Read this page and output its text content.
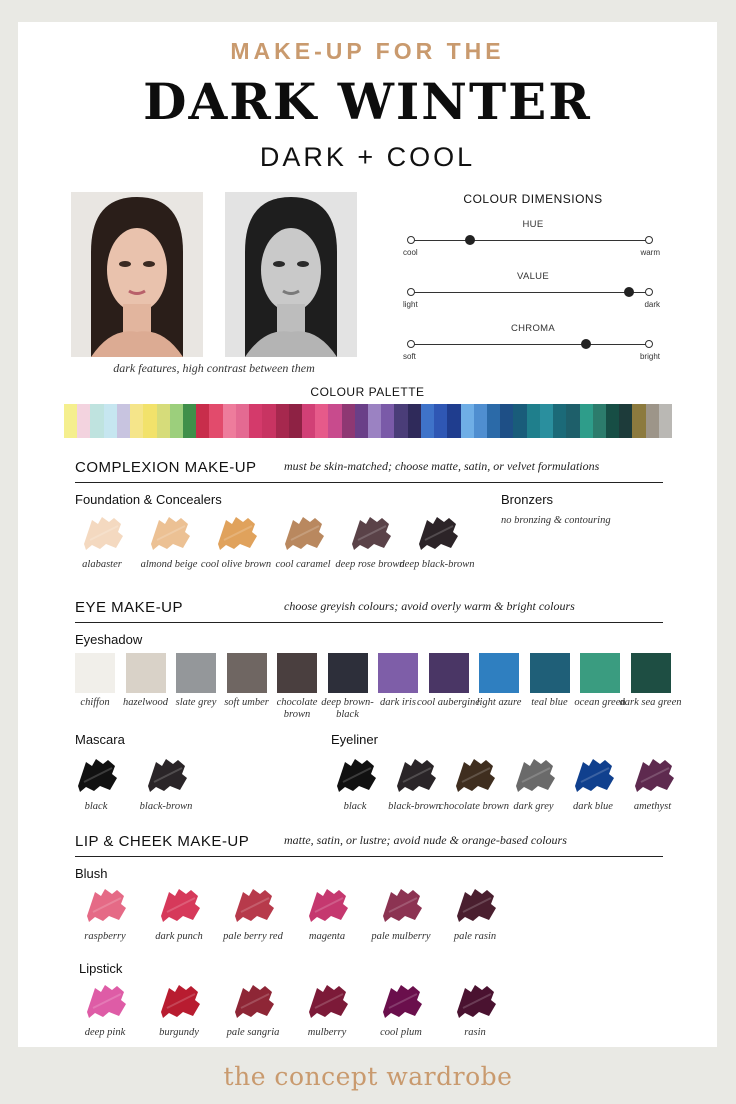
MAKE-UP FOR THE
DARK WINTER
DARK + COOL
dark features, high contrast between them
COLOUR DIMENSIONS
COLOUR PALETTE
COMPLEXION MAKE-UP must be skin-matched; choose matte, satin, or velvet formulations
Foundation & Concealers	Bronzers
no bronzing & contouring
EYE MAKE-UP	choose greyish colours; avoid overly warm & bright colours
Eyeshadow
Mascara	Eyeliner
LIP & CHEEK MAKE-UP	matte, satin, or lustre; avoid nude & orange-based colours
Blush
Lipstick
HUE
cool	warm
VALUE
light	dark
CHROMA
soft	bright
alabaster	almond beige cool olive brown cool caramel deep rose brown
deep black-brown
chiffon	hazelwood slate grey soft umber chocolate brown
deep brown-black
dark iris cool aubergine
light azure teal blue ocean green
dark sea green
black	black-brown	black	black-brown
chocolate brown dark grey	dark blue	amethyst
raspberry	dark punch	pale berry red	magenta	pale mulberry	pale rasin
deep pink	burgundy	pale sangria	mulberry	cool plum	rasin
the concept wardrobe
